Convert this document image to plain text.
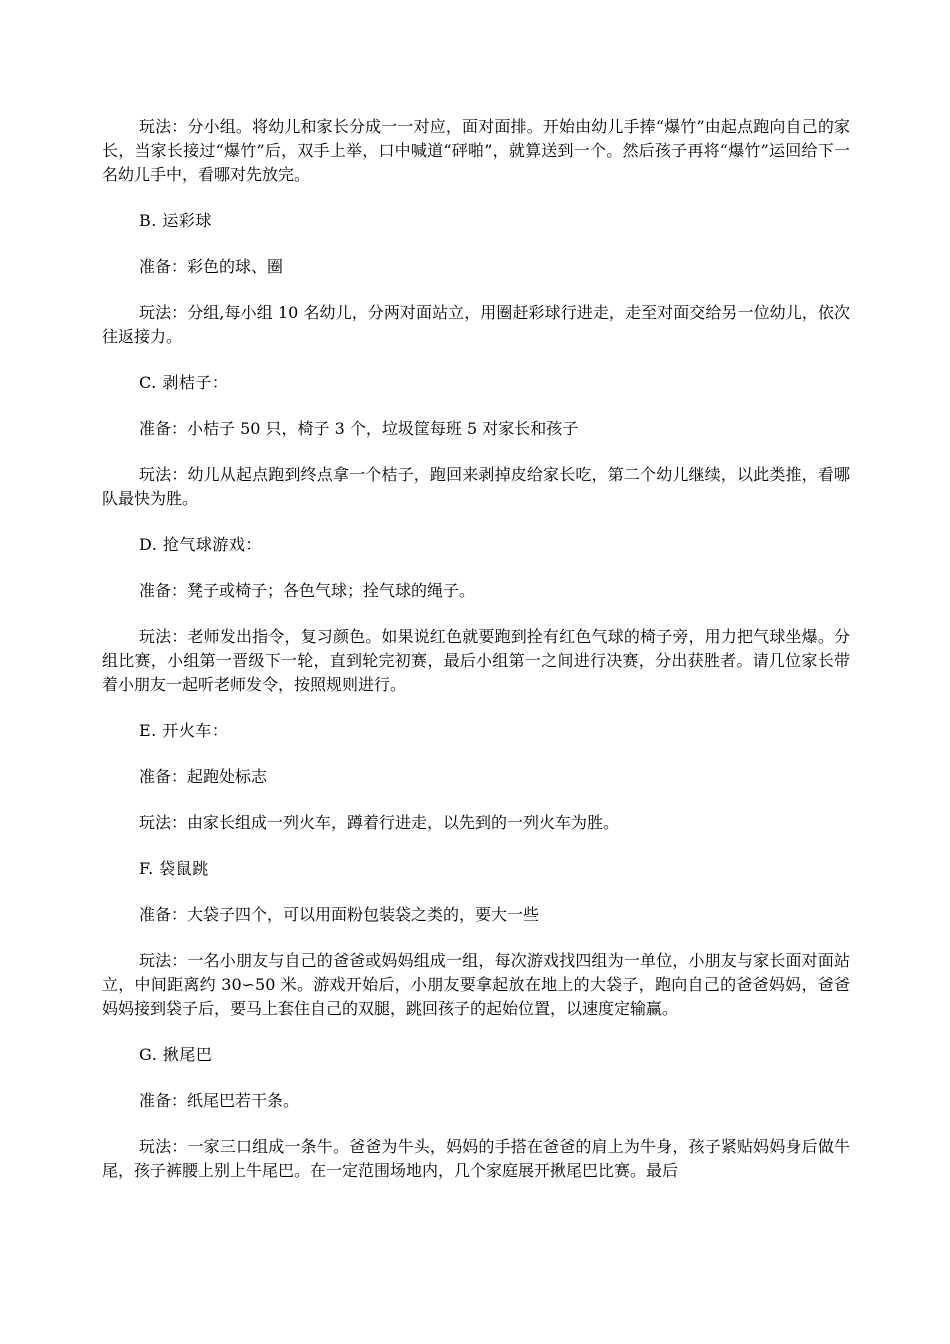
玩法：分小组。将幼儿和家长分成一一对应，面对面排。开始由幼儿手捧“爆竹”由起点跑向自己的家长，当家长接过“爆竹”后，双手上举，口中喊道“砰啪”，就算送到一个。然后孩子再将“爆竹”运回给下一名幼儿手中，看哪对先放完。

B. 运彩球

准备：彩色的球、圈

玩法：分组,每小组 10 名幼儿，分两对面站立，用圈赶彩球行进走，走至对面交给另一位幼儿，依次往返接力。

C. 剥桔子：

准备：小桔子 50 只，椅子 3 个，垃圾筐每班 5 对家长和孩子

玩法：幼儿从起点跑到终点拿一个桔子，跑回来剥掉皮给家长吃，第二个幼儿继续，以此类推，看哪队最快为胜。

D. 抢气球游戏：

准备：凳子或椅子；各色气球；拴气球的绳子。

玩法：老师发出指令，复习颜色。如果说红色就要跑到拴有红色气球的椅子旁，用力把气球坐爆。分组比赛，小组第一晋级下一轮，直到轮完初赛，最后小组第一之间进行决赛，分出获胜者。请几位家长带着小朋友一起听老师发令，按照规则进行。

E. 开火车：

准备：起跑处标志

玩法：由家长组成一列火车，蹲着行进走，以先到的一列火车为胜。

F. 袋鼠跳

准备：大袋子四个，可以用面粉包装袋之类的，要大一些

玩法：一名小朋友与自己的爸爸或妈妈组成一组，每次游戏找四组为一单位，小朋友与家长面对面站立，中间距离约 30∽50 米。游戏开始后，小朋友要拿起放在地上的大袋子，跑向自己的爸爸妈妈，爸爸妈妈接到袋子后，要马上套住自己的双腿，跳回孩子的起始位置，以速度定输赢。

G. 揪尾巴

准备：纸尾巴若干条。

玩法：一家三口组成一条牛。爸爸为牛头，妈妈的手搭在爸爸的肩上为牛身，孩子紧贴妈妈身后做牛尾，孩子裤腰上别上牛尾巴。在一定范围场地内，几个家庭展开揪尾巴比赛。最后
